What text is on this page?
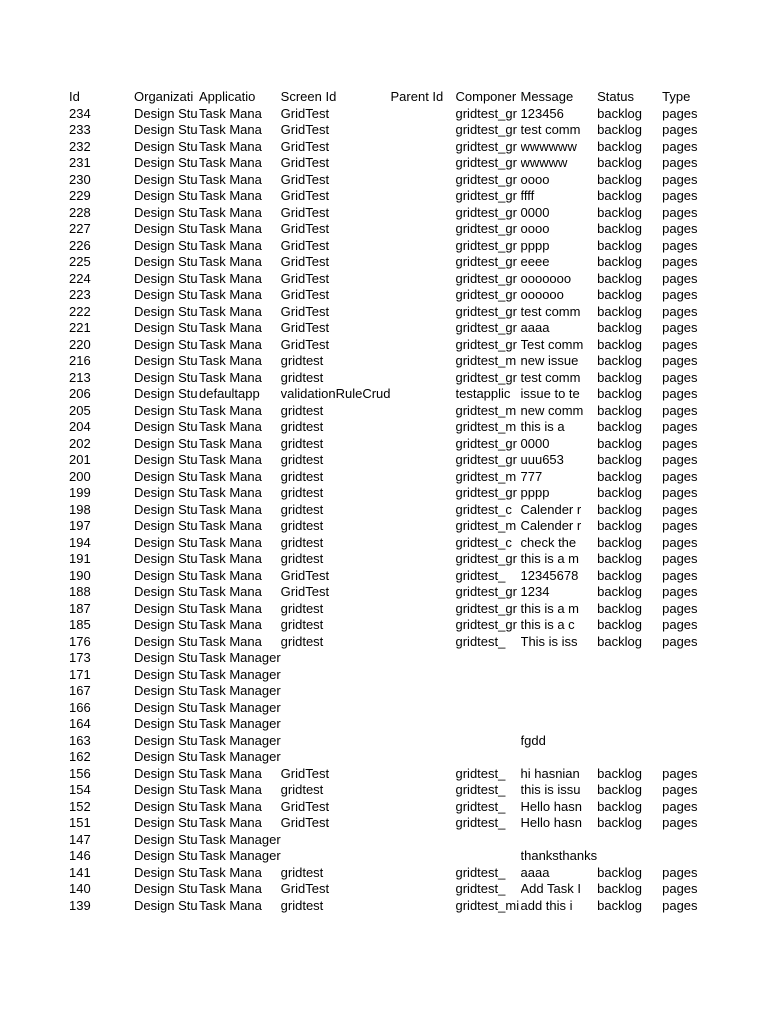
Id	Organizati	Applicatio	Screen Id	Parent Id	Componer	Message	Status	Type
234	Design Stu	Task Mana	GridTest		gridtest_gr	123456	backlog	pages
233	Design Stu	Task Mana	GridTest		gridtest_gr	test comm	backlog	pages
232	Design Stu	Task Mana	GridTest		gridtest_gr	wwwwww	backlog	pages
231	Design Stu	Task Mana	GridTest		gridtest_gr	wwwww	backlog	pages
230	Design Stu	Task Mana	GridTest		gridtest_gr	oooo	backlog	pages
229	Design Stu	Task Mana	GridTest		gridtest_gr	ffff	backlog	pages
228	Design Stu	Task Mana	GridTest		gridtest_gr	0000	backlog	pages
227	Design Stu	Task Mana	GridTest		gridtest_gr	oooo	backlog	pages
226	Design Stu	Task Mana	GridTest		gridtest_gr	pppp	backlog	pages
225	Design Stu	Task Mana	GridTest		gridtest_gr	eeee	backlog	pages
224	Design Stu	Task Mana	GridTest		gridtest_gr	ooooooo	backlog	pages
223	Design Stu	Task Mana	GridTest		gridtest_gr	oooooo	backlog	pages
222	Design Stu	Task Mana	GridTest		gridtest_gr	test comm	backlog	pages
221	Design Stu	Task Mana	GridTest		gridtest_gr	aaaa	backlog	pages
220	Design Stu	Task Mana	GridTest		gridtest_gr	Test comm	backlog	pages
216	Design Stu	Task Mana	gridtest		gridtest_m	new issue	backlog	pages
213	Design Stu	Task Mana	gridtest		gridtest_gr	test comm	backlog	pages
206	Design Stu	defaultapp	validationRuleCrud		testapplic	issue to te	backlog	pages
205	Design Stu	Task Mana	gridtest		gridtest_m	new comm	backlog	pages
204	Design Stu	Task Mana	gridtest		gridtest_m	this is a	backlog	pages
202	Design Stu	Task Mana	gridtest		gridtest_gr	0000	backlog	pages
201	Design Stu	Task Mana	gridtest		gridtest_gr	uuu653	backlog	pages
200	Design Stu	Task Mana	gridtest		gridtest_m	777	backlog	pages
199	Design Stu	Task Mana	gridtest		gridtest_gr	pppp	backlog	pages
198	Design Stu	Task Mana	gridtest		gridtest_c	Calender r	backlog	pages
197	Design Stu	Task Mana	gridtest		gridtest_m	Calender r	backlog	pages
194	Design Stu	Task Mana	gridtest		gridtest_c	check the	backlog	pages
191	Design Stu	Task Mana	gridtest		gridtest_gr	this is a m	backlog	pages
190	Design Stu	Task Mana	GridTest		gridtest_	12345678	backlog	pages
188	Design Stu	Task Mana	GridTest		gridtest_gr	1234	backlog	pages
187	Design Stu	Task Mana	gridtest		gridtest_gr	this is a m	backlog	pages
185	Design Stu	Task Mana	gridtest		gridtest_gr	this is a c	backlog	pages
176	Design Stu	Task Mana	gridtest		gridtest_	This is iss	backlog	pages
173	Design Stu	Task Manager						
171	Design Stu	Task Manager						
167	Design Stu	Task Manager						
166	Design Stu	Task Manager						
164	Design Stu	Task Manager						
163	Design Stu	Task Manager				fgdd		
162	Design Stu	Task Manager						
156	Design Stu	Task Mana	GridTest		gridtest_	hi hasnian	backlog	pages
154	Design Stu	Task Mana	gridtest		gridtest_	this is issu	backlog	pages
152	Design Stu	Task Mana	GridTest		gridtest_	Hello hasn	backlog	pages
151	Design Stu	Task Mana	GridTest		gridtest_	Hello hasn	backlog	pages
147	Design Stu	Task Manager						
146	Design Stu	Task Manager				thanksthanks		
141	Design Stu	Task Mana	gridtest		gridtest_	aaaa	backlog	pages
140	Design Stu	Task Mana	GridTest		gridtest_	Add Task I	backlog	pages
139	Design Stu	Task Mana	gridtest		gridtest_mi	add this i	backlog	pages
